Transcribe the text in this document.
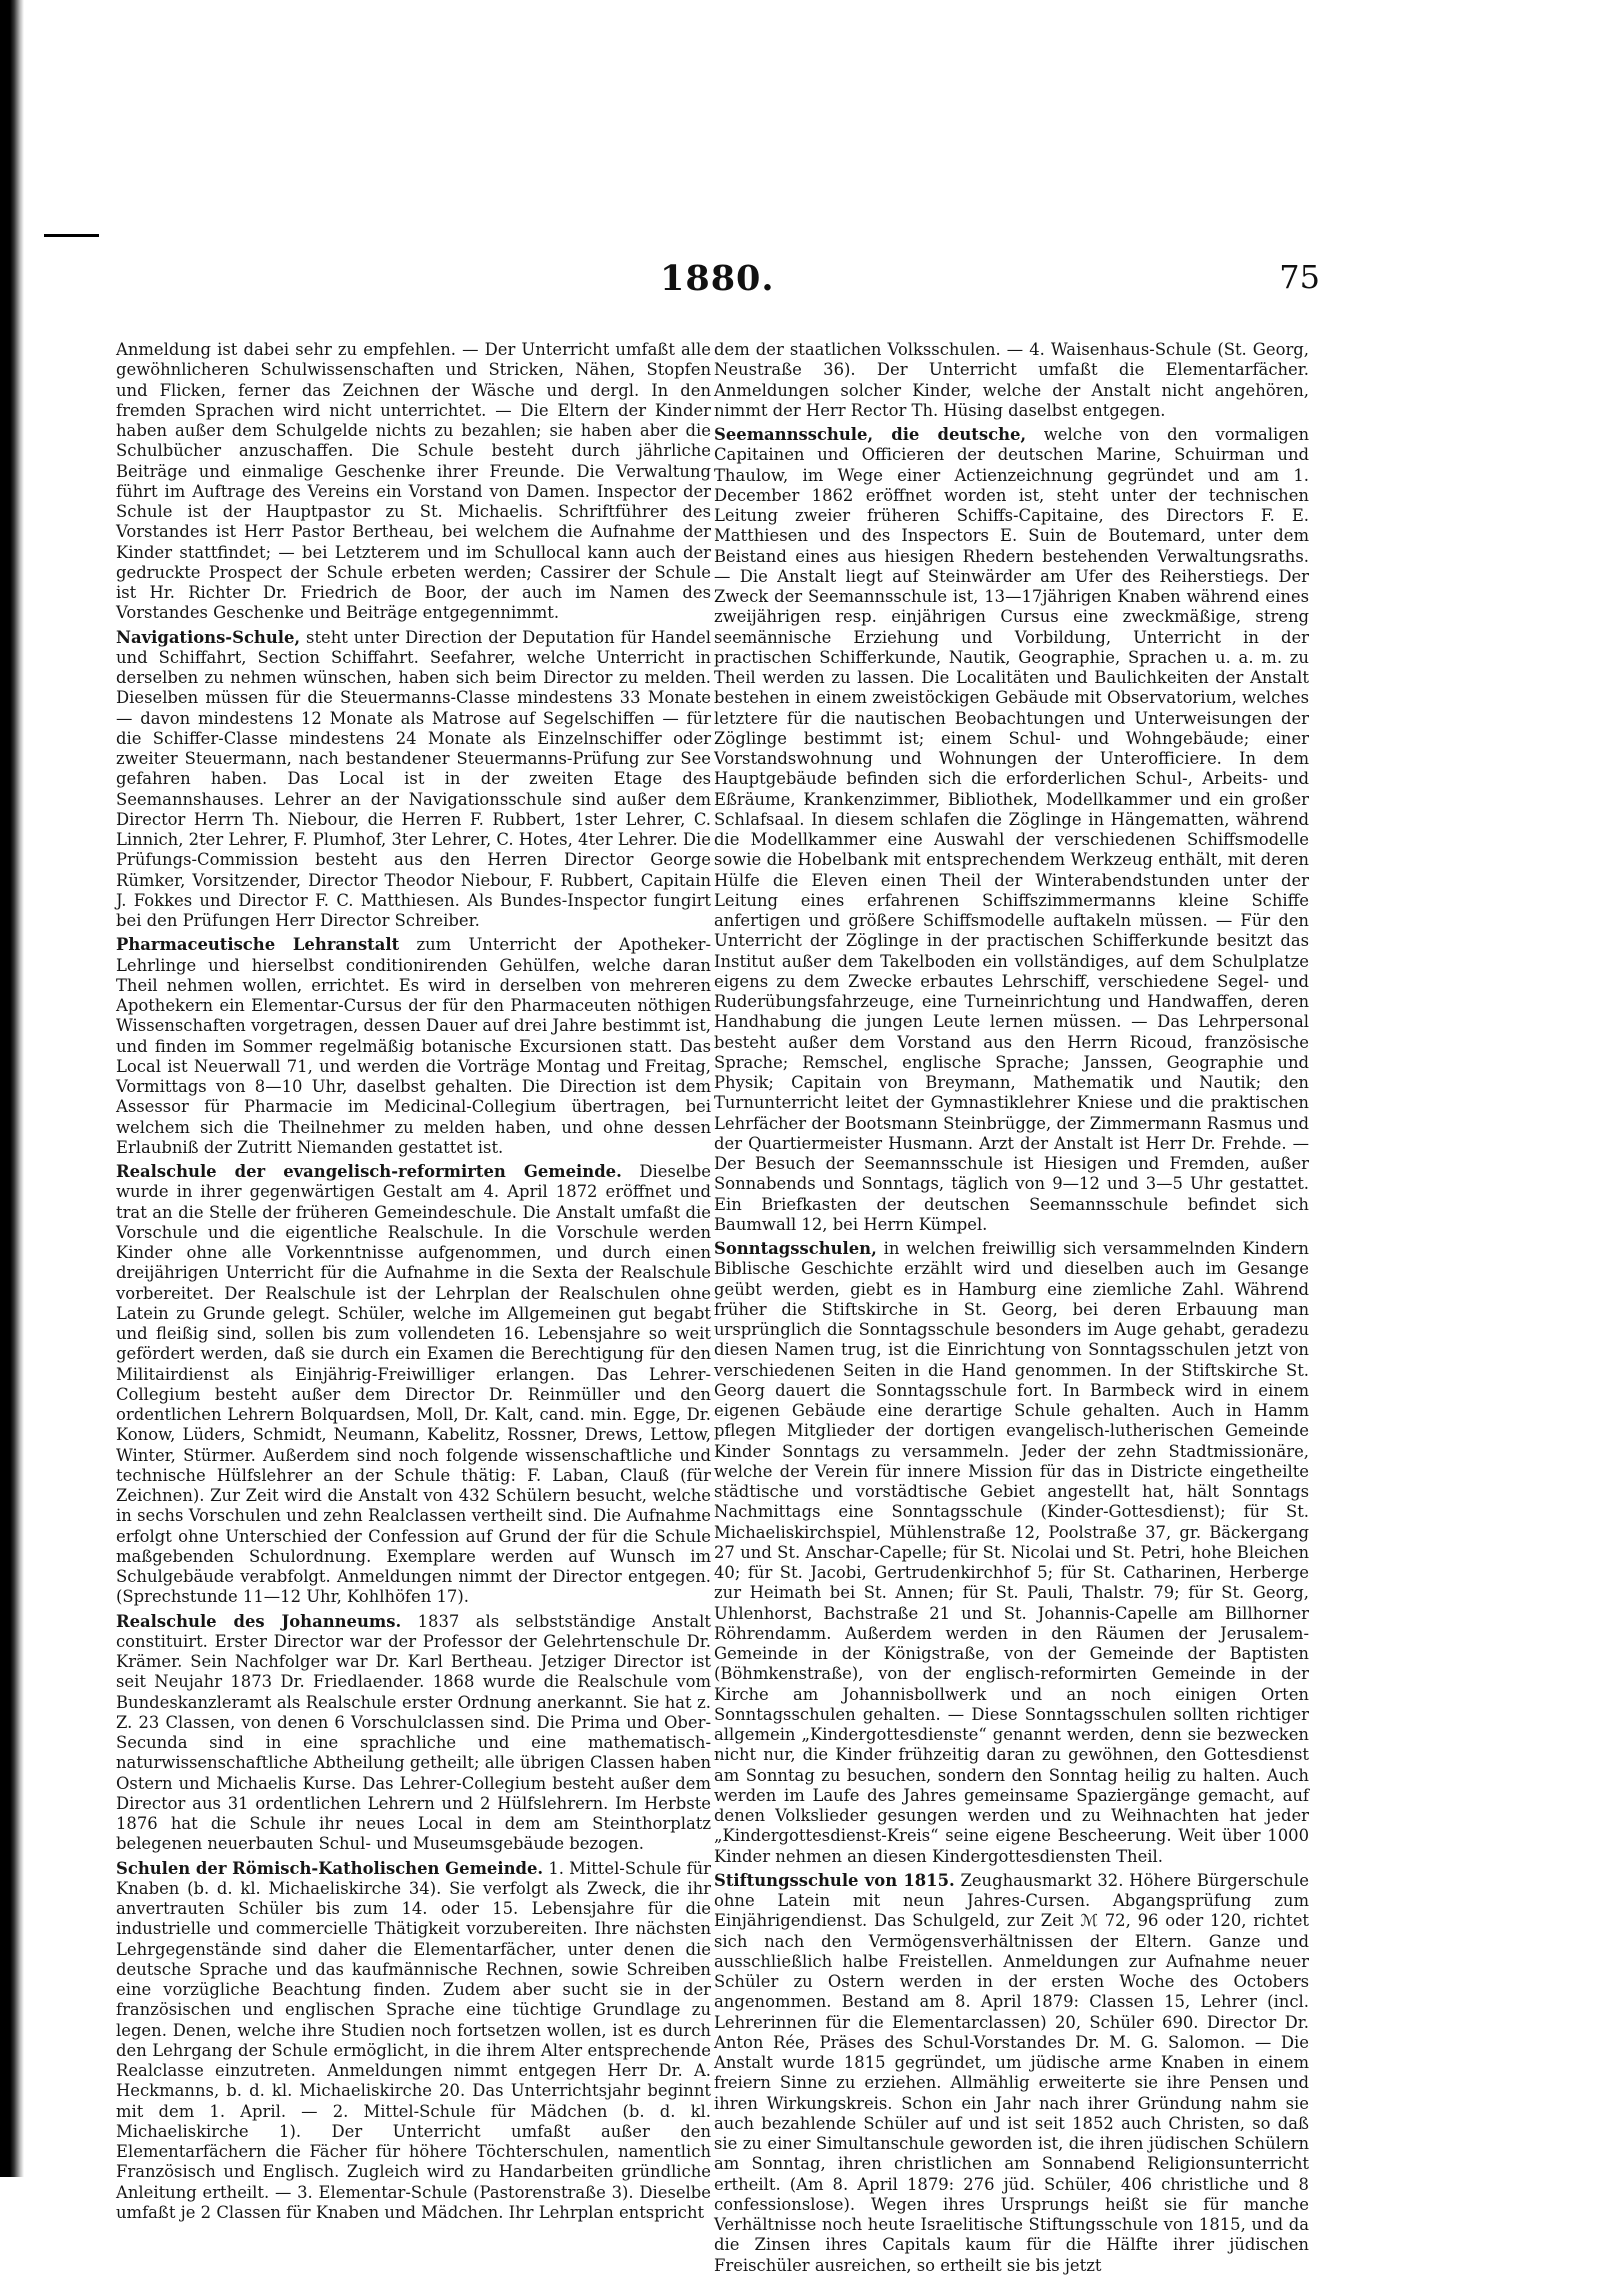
1880.	75

Anmeldung ist dabei sehr zu empfehlen. — Der Unterricht umfaßt alle gewöhnlicheren Schulwissenschaften und Stricken, Nähen, Stopfen und Flicken, ferner das Zeichnen der Wäsche und dergl. In den fremden Sprachen wird nicht unterrichtet. — Die Eltern der Kinder haben außer dem Schulgelde nichts zu bezahlen; sie haben aber die Schulbücher anzuschaffen. Die Schule besteht durch jährliche Beiträge und einmalige Geschenke ihrer Freunde. Die Verwaltung führt im Auftrage des Vereins ein Vorstand von Damen. Inspector der Schule ist der Hauptpastor zu St. Michaelis. Schriftführer des Vorstandes ist Herr Pastor Bertheau, bei welchem die Aufnahme der Kinder stattfindet; — bei Letzterem und im Schullocal kann auch der gedruckte Prospect der Schule erbeten werden; Cassirer der Schule ist Hr. Richter Dr. Friedrich de Boor, der auch im Namen des Vorstandes Geschenke und Beiträge entgegennimmt.

Navigations-Schule, steht unter Direction der Deputation für Handel und Schiffahrt, Section Schiffahrt. Seefahrer, welche Unterricht in derselben zu nehmen wünschen, haben sich beim Director zu melden. Dieselben müssen für die Steuermanns-Classe mindestens 33 Monate — davon mindestens 12 Monate als Matrose auf Segelschiffen — für die Schiffer-Classe mindestens 24 Monate als Einzelnschiffer oder zweiter Steuermann, nach bestandener Steuermanns-Prüfung zur See gefahren haben. Das Local ist in der zweiten Etage des Seemannshauses. Lehrer an der Navigationsschule sind außer dem Director Herrn Th. Niebour, die Herren F. Rubbert, 1ster Lehrer, C. Linnich, 2ter Lehrer, F. Plumhof, 3ter Lehrer, C. Hotes, 4ter Lehrer. Die Prüfungs-Commission besteht aus den Herren Director George Rümker, Vorsitzender, Director Theodor Niebour, F. Rubbert, Capitain J. Fokkes und Director F. C. Matthiesen. Als Bundes-Inspector fungirt bei den Prüfungen Herr Director Schreiber.

Pharmaceutische Lehranstalt zum Unterricht der Apotheker-Lehrlinge und hierselbst conditionirenden Gehülfen, welche daran Theil nehmen wollen, errichtet. Es wird in derselben von mehreren Apothekern ein Elementar-Cursus der für den Pharmaceuten nöthigen Wissenschaften vorgetragen, dessen Dauer auf drei Jahre bestimmt ist, und finden im Sommer regelmäßig botanische Excursionen statt. Das Local ist Neuerwall 71, und werden die Vorträge Montag und Freitag, Vormittags von 8—10 Uhr, daselbst gehalten. Die Direction ist dem Assessor für Pharmacie im Medicinal-Collegium übertragen, bei welchem sich die Theilnehmer zu melden haben, und ohne dessen Erlaubniß der Zutritt Niemanden gestattet ist.

Realschule der evangelisch-reformirten Gemeinde. Dieselbe wurde in ihrer gegenwärtigen Gestalt am 4. April 1872 eröffnet und trat an die Stelle der früheren Gemeindeschule. Die Anstalt umfaßt die Vorschule und die eigentliche Realschule. In die Vorschule werden Kinder ohne alle Vorkenntnisse aufgenommen, und durch einen dreijährigen Unterricht für die Aufnahme in die Sexta der Realschule vorbereitet. Der Realschule ist der Lehrplan der Realschulen ohne Latein zu Grunde gelegt. Schüler, welche im Allgemeinen gut begabt und fleißig sind, sollen bis zum vollendeten 16. Lebensjahre so weit gefördert werden, daß sie durch ein Examen die Berechtigung für den Militairdienst als Einjährig-Freiwilliger erlangen. Das Lehrer-Collegium besteht außer dem Director Dr. Reinmüller und den ordentlichen Lehrern Bolquardsen, Moll, Dr. Kalt, cand. min. Egge, Dr. Konow, Lüders, Schmidt, Neumann, Kabelitz, Rossner, Drews, Lettow, Winter, Stürmer. Außerdem sind noch folgende wissenschaftliche und technische Hülfslehrer an der Schule thätig: F. Laban, Clauß (für Zeichnen). Zur Zeit wird die Anstalt von 432 Schülern besucht, welche in sechs Vorschulen und zehn Realclassen vertheilt sind. Die Aufnahme erfolgt ohne Unterschied der Confession auf Grund der für die Schule maßgebenden Schulordnung. Exemplare werden auf Wunsch im Schulgebäude verabfolgt. Anmeldungen nimmt der Director entgegen. (Sprechstunde 11—12 Uhr, Kohlhöfen 17).

Realschule des Johanneums. 1837 als selbstständige Anstalt constituirt. Erster Director war der Professor der Gelehrtenschule Dr. Krämer. Sein Nachfolger war Dr. Karl Bertheau. Jetziger Director ist seit Neujahr 1873 Dr. Friedlaender. 1868 wurde die Realschule vom Bundeskanzleramt als Realschule erster Ordnung anerkannt. Sie hat z. Z. 23 Classen, von denen 6 Vorschulclassen sind. Die Prima und Ober-Secunda sind in eine sprachliche und eine mathematisch-naturwissenschaftliche Abtheilung getheilt; alle übrigen Classen haben Ostern und Michaelis Kurse. Das Lehrer-Collegium besteht außer dem Director aus 31 ordentlichen Lehrern und 2 Hülfslehrern. Im Herbste 1876 hat die Schule ihr neues Local in dem am Steinthorplatz belegenen neuerbauten Schul- und Museumsgebäude bezogen.

Schulen der Römisch-Katholischen Gemeinde. 1. Mittel-Schule für Knaben (b. d. kl. Michaeliskirche 34). Sie verfolgt als Zweck, die ihr anvertrauten Schüler bis zum 14. oder 15. Lebensjahre für die industrielle und commercielle Thätigkeit vorzubereiten. Ihre nächsten Lehrgegenstände sind daher die Elementarfächer, unter denen die deutsche Sprache und das kaufmännische Rechnen, sowie Schreiben eine vorzügliche Beachtung finden. Zudem aber sucht sie in der französischen und englischen Sprache eine tüchtige Grundlage zu legen. Denen, welche ihre Studien noch fortsetzen wollen, ist es durch den Lehrgang der Schule ermöglicht, in die ihrem Alter entsprechende Realclasse einzutreten. Anmeldungen nimmt entgegen Herr Dr. A. Heckmanns, b. d. kl. Michaeliskirche 20. Das Unterrichtsjahr beginnt mit dem 1. April. — 2. Mittel-Schule für Mädchen (b. d. kl. Michaeliskirche 1). Der Unterricht umfaßt außer den Elementarfächern die Fächer für höhere Töchterschulen, namentlich Französisch und Englisch. Zugleich wird zu Handarbeiten gründliche Anleitung ertheilt. — 3. Elementar-Schule (Pastorenstraße 3). Dieselbe umfaßt je 2 Classen für Knaben und Mädchen. Ihr Lehrplan entspricht

dem der staatlichen Volksschulen. — 4. Waisenhaus-Schule (St. Georg, Neustraße 36). Der Unterricht umfaßt die Elementarfächer. Anmeldungen solcher Kinder, welche der Anstalt nicht angehören, nimmt der Herr Rector Th. Hüsing daselbst entgegen.

Seemannsschule, die deutsche, welche von den vormaligen Capitainen und Officieren der deutschen Marine, Schuirman und Thaulow, im Wege einer Actienzeichnung gegründet und am 1. December 1862 eröffnet worden ist, steht unter der technischen Leitung zweier früheren Schiffs-Capitaine, des Directors F. E. Matthiesen und des Inspectors E. Suin de Boutemard, unter dem Beistand eines aus hiesigen Rhedern bestehenden Verwaltungsraths. — Die Anstalt liegt auf Steinwärder am Ufer des Reiherstiegs. Der Zweck der Seemannsschule ist, 13—17jährigen Knaben während eines zweijährigen resp. einjährigen Cursus eine zweckmäßige, streng seemännische Erziehung und Vorbildung, Unterricht in der practischen Schifferkunde, Nautik, Geographie, Sprachen u. a. m. zu Theil werden zu lassen. Die Localitäten und Baulichkeiten der Anstalt bestehen in einem zweistöckigen Gebäude mit Observatorium, welches letztere für die nautischen Beobachtungen und Unterweisungen der Zöglinge bestimmt ist; einem Schul- und Wohngebäude; einer Vorstandswohnung und Wohnungen der Unterofficiere. In dem Hauptgebäude befinden sich die erforderlichen Schul-, Arbeits- und Eßräume, Krankenzimmer, Bibliothek, Modellkammer und ein großer Schlafsaal. In diesem schlafen die Zöglinge in Hängematten, während die Modellkammer eine Auswahl der verschiedenen Schiffsmodelle sowie die Hobelbank mit entsprechendem Werkzeug enthält, mit deren Hülfe die Eleven einen Theil der Winterabendstunden unter der Leitung eines erfahrenen Schiffszimmermanns kleine Schiffe anfertigen und größere Schiffsmodelle auftakeln müssen. — Für den Unterricht der Zöglinge in der practischen Schifferkunde besitzt das Institut außer dem Takelboden ein vollständiges, auf dem Schulplatze eigens zu dem Zwecke erbautes Lehrschiff, verschiedene Segel- und Ruderübungsfahrzeuge, eine Turneinrichtung und Handwaffen, deren Handhabung die jungen Leute lernen müssen. — Das Lehrpersonal besteht außer dem Vorstand aus den Herrn Ricoud, französische Sprache; Remschel, englische Sprache; Janssen, Geographie und Physik; Capitain von Breymann, Mathematik und Nautik; den Turnunterricht leitet der Gymnastiklehrer Kniese und die praktischen Lehrfächer der Bootsmann Steinbrügge, der Zimmermann Rasmus und der Quartiermeister Husmann. Arzt der Anstalt ist Herr Dr. Frehde. — Der Besuch der Seemannsschule ist Hiesigen und Fremden, außer Sonnabends und Sonntags, täglich von 9—12 und 3—5 Uhr gestattet. Ein Briefkasten der deutschen Seemannsschule befindet sich Baumwall 12, bei Herrn Kümpel.

Sonntagsschulen, in welchen freiwillig sich versammelnden Kindern Biblische Geschichte erzählt wird und dieselben auch im Gesange geübt werden, giebt es in Hamburg eine ziemliche Zahl. Während früher die Stiftskirche in St. Georg, bei deren Erbauung man ursprünglich die Sonntagsschule besonders im Auge gehabt, geradezu diesen Namen trug, ist die Einrichtung von Sonntagsschulen jetzt von verschiedenen Seiten in die Hand genommen. In der Stiftskirche St. Georg dauert die Sonntagsschule fort. In Barmbeck wird in einem eigenen Gebäude eine derartige Schule gehalten. Auch in Hamm pflegen Mitglieder der dortigen evangelisch-lutherischen Gemeinde Kinder Sonntags zu versammeln. Jeder der zehn Stadtmissionäre, welche der Verein für innere Mission für das in Districte eingetheilte städtische und vorstädtische Gebiet angestellt hat, hält Sonntags Nachmittags eine Sonntagsschule (Kinder-Gottesdienst); für St. Michaeliskirchspiel, Mühlenstraße 12, Poolstraße 37, gr. Bäckergang 27 und St. Anschar-Capelle; für St. Nicolai und St. Petri, hohe Bleichen 40; für St. Jacobi, Gertrudenkirchhof 5; für St. Catharinen, Herberge zur Heimath bei St. Annen; für St. Pauli, Thalstr. 79; für St. Georg, Uhlenhorst, Bachstraße 21 und St. Johannis-Capelle am Billhorner Röhrendamm. Außerdem werden in den Räumen der Jerusalem-Gemeinde in der Königstraße, von der Gemeinde der Baptisten (Böhmkenstraße), von der englisch-reformirten Gemeinde in der Kirche am Johannisbollwerk und an noch einigen Orten Sonntagsschulen gehalten. — Diese Sonntagsschulen sollten richtiger allgemein „Kindergottesdienste“ genannt werden, denn sie bezwecken nicht nur, die Kinder frühzeitig daran zu gewöhnen, den Gottesdienst am Sonntag zu besuchen, sondern den Sonntag heilig zu halten. Auch werden im Laufe des Jahres gemeinsame Spaziergänge gemacht, auf denen Volkslieder gesungen werden und zu Weihnachten hat jeder „Kindergottesdienst-Kreis“ seine eigene Bescheerung. Weit über 1000 Kinder nehmen an diesen Kindergottesdiensten Theil.

Stiftungsschule von 1815. Zeughausmarkt 32. Höhere Bürgerschule ohne Latein mit neun Jahres-Cursen. Abgangsprüfung zum Einjährigendienst. Das Schulgeld, zur Zeit ℳ 72, 96 oder 120, richtet sich nach den Vermögensverhältnissen der Eltern. Ganze und ausschließlich halbe Freistellen. Anmeldungen zur Aufnahme neuer Schüler zu Ostern werden in der ersten Woche des Octobers angenommen. Bestand am 8. April 1879: Classen 15, Lehrer (incl. Lehrerinnen für die Elementarclassen) 20, Schüler 690. Director Dr. Anton Rée, Präses des Schul-Vorstandes Dr. M. G. Salomon. — Die Anstalt wurde 1815 gegründet, um jüdische arme Knaben in einem freiern Sinne zu erziehen. Allmählig erweiterte sie ihre Pensen und ihren Wirkungskreis. Schon ein Jahr nach ihrer Gründung nahm sie auch bezahlende Schüler auf und ist seit 1852 auch Christen, so daß sie zu einer Simultanschule geworden ist, die ihren jüdischen Schülern am Sonntag, ihren christlichen am Sonnabend Religionsunterricht ertheilt. (Am 8. April 1879: 276 jüd. Schüler, 406 christliche und 8 confessionslose). Wegen ihres Ursprungs heißt sie für manche Verhältnisse noch heute Israelitische Stiftungsschule von 1815, und da die Zinsen ihres Capitals kaum für die Hälfte ihrer jüdischen Freischüler ausreichen, so ertheilt sie bis jetzt
